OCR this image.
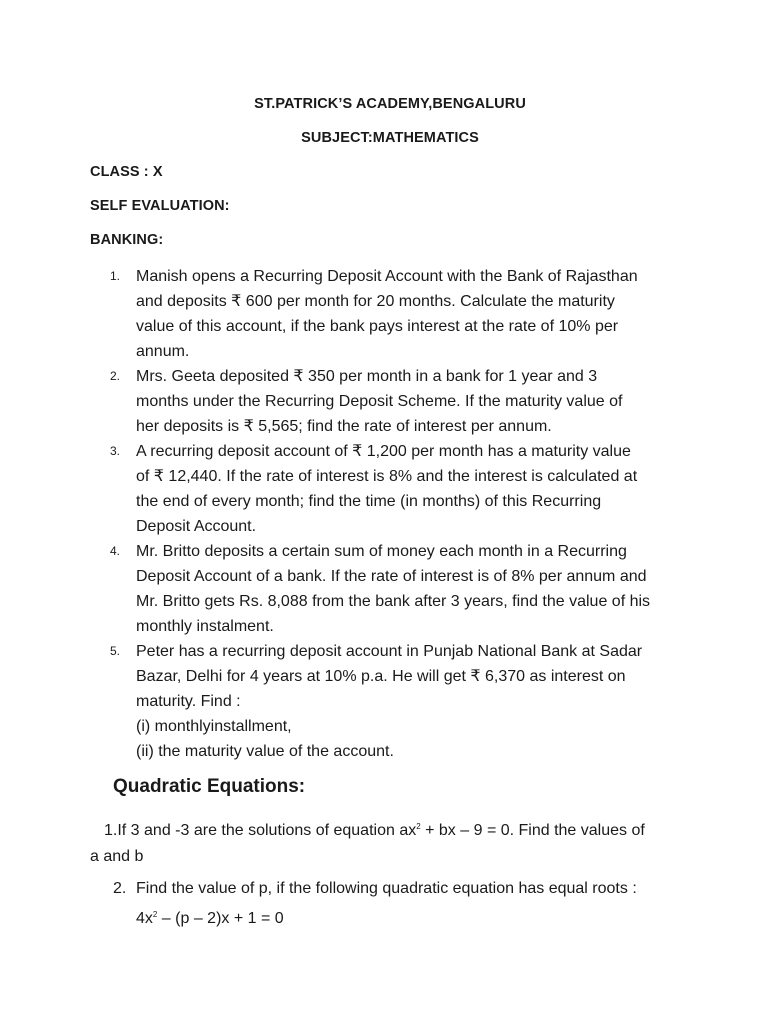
ST.PATRICK’S ACADEMY,BENGALURU
SUBJECT:MATHEMATICS
CLASS : X
SELF EVALUATION:
BANKING:
1. Manish opens a Recurring Deposit Account with the Bank of Rajasthan
and deposits ₹ 600 per month for 20 months. Calculate the maturity
value of this account, if the bank pays interest at the rate of 10% per
annum.
2. Mrs. Geeta deposited ₹ 350 per month in a bank for 1 year and 3
months under the Recurring Deposit Scheme. If the maturity value of
her deposits is ₹ 5,565; find the rate of interest per annum.
3. A recurring deposit account of ₹ 1,200 per month has a maturity value
of ₹ 12,440. If the rate of interest is 8% and the interest is calculated at
the end of every month; find the time (in months) of this Recurring
Deposit Account.
4. Mr. Britto deposits a certain sum of money each month in a Recurring
Deposit Account of a bank. If the rate of interest is of 8% per annum and
Mr. Britto gets Rs. 8,088 from the bank after 3 years, find the value of his
monthly instalment.
5. Peter has a recurring deposit account in Punjab National Bank at Sadar
Bazar, Delhi for 4 years at 10% p.a. He will get ₹ 6,370 as interest on
maturity. Find :
(i) monthlyinstallment,
(ii) the maturity value of the account.
Quadratic Equations:
1.If 3 and -3 are the solutions of equation $ax^2$ + bx – 9 = 0. Find the values of
a and b
2. Find the value of p, if the following quadratic equation has equal roots :
$4x^2 - (p - 2)x + 1 = 0$
